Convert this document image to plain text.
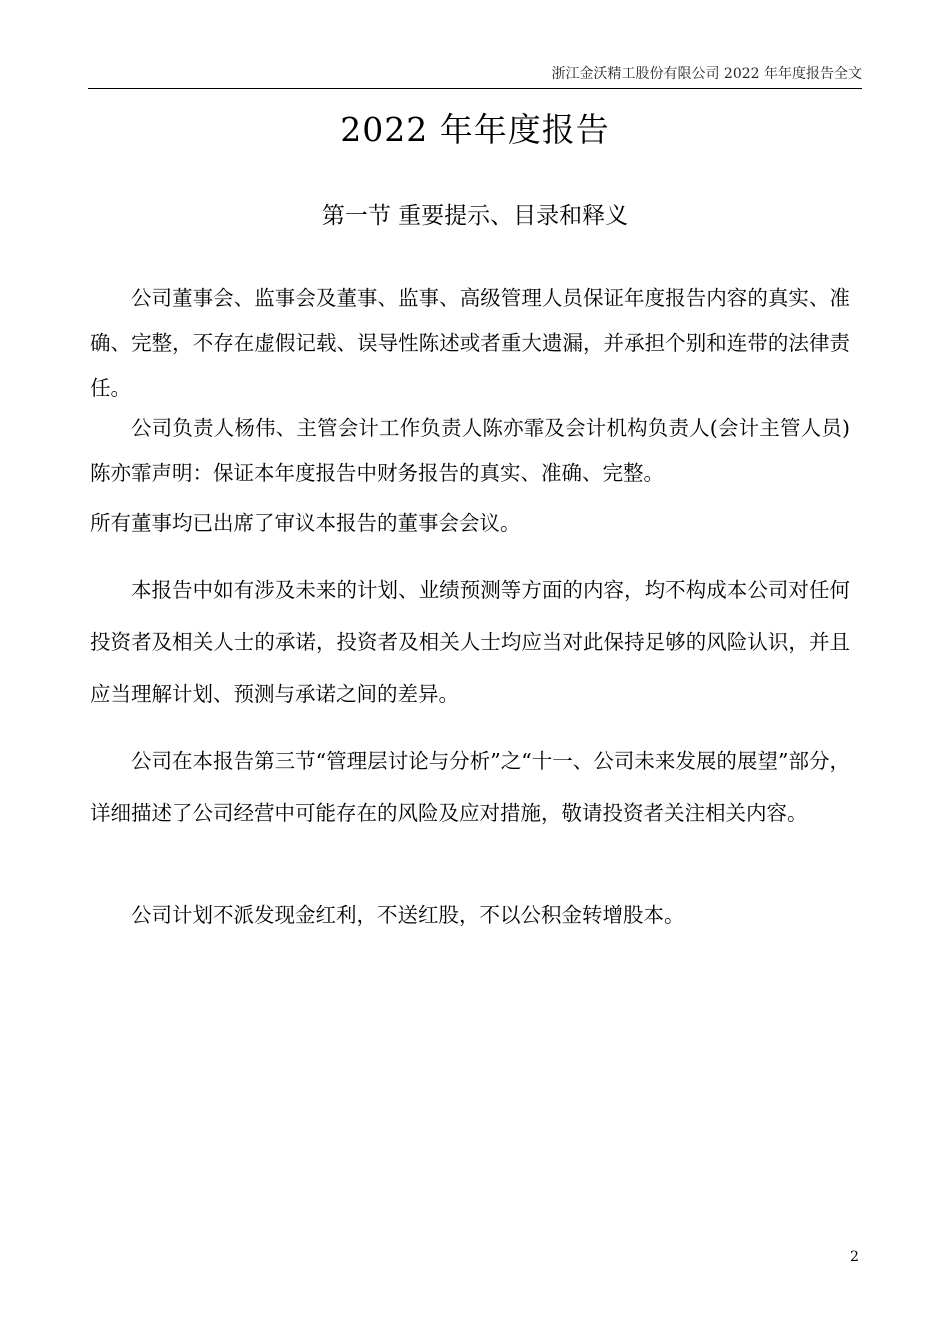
浙江金沃精工股份有限公司 2022 年年度报告全文
2022 年年度报告
第一节 重要提示、目录和释义

公司董事会、监事会及董事、监事、高级管理人员保证年度报告内容的真实、准确、完整，不存在虚假记载、误导性陈述或者重大遗漏，并承担个别和连带的法律责任。

公司负责人杨伟、主管会计工作负责人陈亦霏及会计机构负责人(会计主管人员)陈亦霏声明：保证本年度报告中财务报告的真实、准确、完整。

所有董事均已出席了审议本报告的董事会会议。

本报告中如有涉及未来的计划、业绩预测等方面的内容，均不构成本公司对任何投资者及相关人士的承诺，投资者及相关人士均应当对此保持足够的风险认识，并且应当理解计划、预测与承诺之间的差异。

公司在本报告第三节“管理层讨论与分析”之“十一、公司未来发展的展望”部分，详细描述了公司经营中可能存在的风险及应对措施，敬请投资者关注相关内容。

公司计划不派发现金红利，不送红股，不以公积金转增股本。

2
